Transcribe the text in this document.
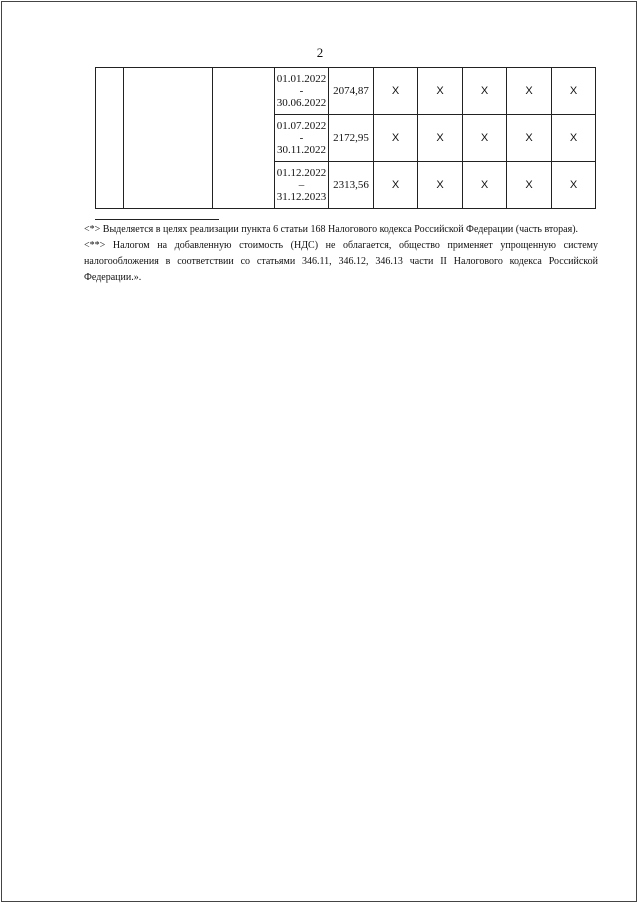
2

			01.01.2022
-
30.06.2022	2074,87	Х	Х	Х	Х	Х

			01.07.2022
-
30.11.2022	2172,95	Х	Х	Х	Х	Х

			01.12.2022
–
31.12.2023	2313,56	Х	Х	Х	Х	Х

<*> Выделяется в целях реализации пункта 6 статьи 168 Налогового кодекса Российской Федерации (часть вторая).

<**> Налогом на добавленную стоимость (НДС) не облагается, общество применяет упрощенную систему налогообложения в соответствии со статьями 346.11, 346.12, 346.13 части II Налогового кодекса Российской Федерации.».
